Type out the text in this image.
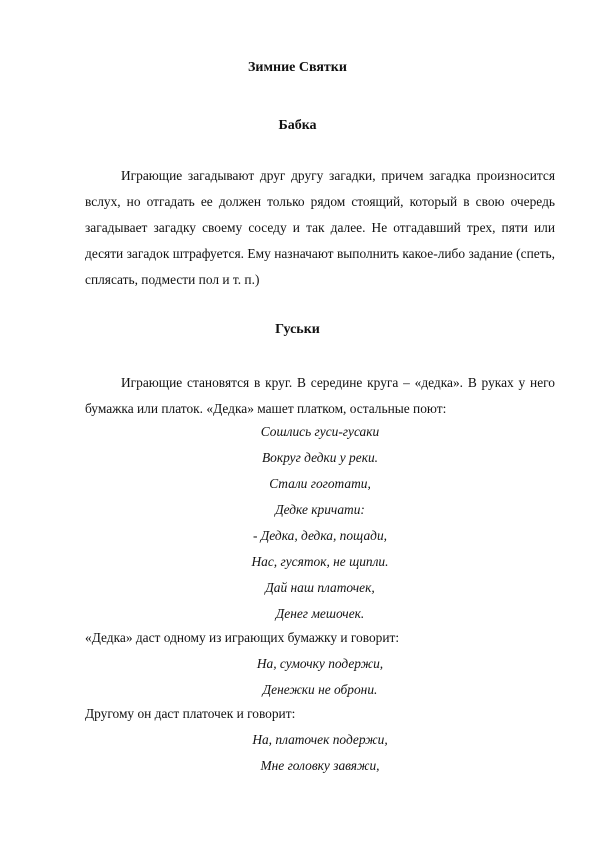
Зимние Святки
Бабка

Играющие загадывают друг другу загадки, причем загадка произносится вслух, но отгадать ее должен только рядом стоящий, который в свою очередь загадывает загадку своему соседу и так далее. Не отгадавший трех, пяти или десяти загадок штрафуется. Ему назначают выполнить какое-либо задание (спеть, сплясать, подмести пол и т. п.)

Гуськи

Играющие становятся в круг. В середине круга – «дедка». В руках у него бумажка или платок. «Дедка» машет платком, остальные поют:

Сошлись гуси-гусаки

Вокруг дедки у реки.

Стали гоготати,

Дедке кричати:

- Дедка, дедка, пощади,

Нас, гусяток, не щипли.

Дай наш платочек,

Денег мешочек.

«Дедка» даст одному из играющих бумажку и говорит:

На, сумочку подержи,

Денежки не оброни.

Другому он даст платочек и говорит:

На, платочек подержи,

Мне головку завяжи,
